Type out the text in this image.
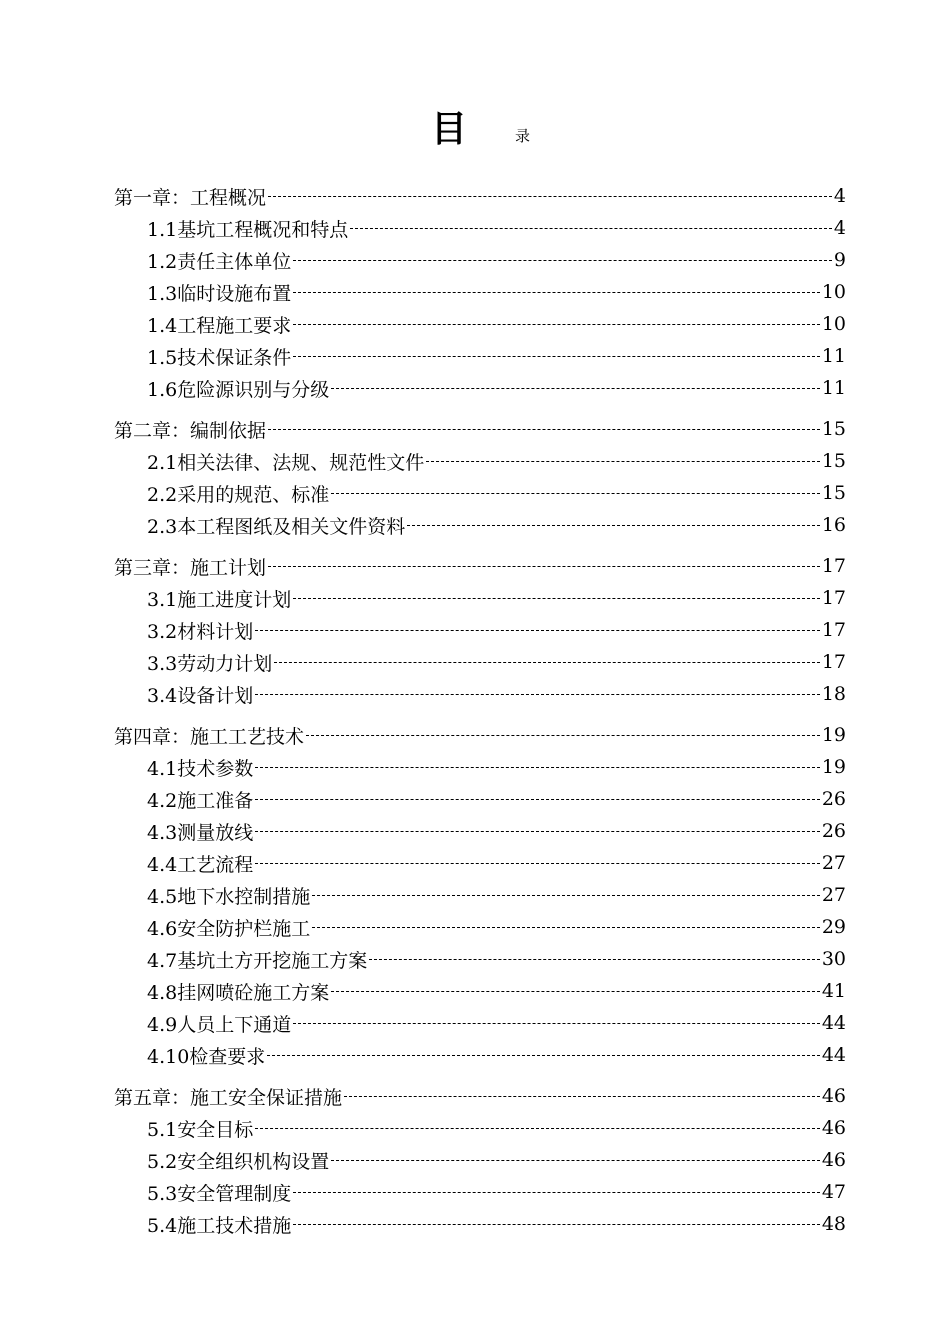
目	录
第一章：工程概况	4
1.1基坑工程概况和特点	4
1.2责任主体单位	9
1.3临时设施布置	10
1.4工程施工要求	10
1.5技术保证条件	11
1.6危险源识别与分级	11
第二章：编制依据	15
2.1相关法律、法规、规范性文件	15
2.2采用的规范、标准	15
2.3本工程图纸及相关文件资料	16
第三章：施工计划	17
3.1施工进度计划	17
3.2材料计划	17
3.3劳动力计划	17
3.4设备计划	18
第四章：施工工艺技术	19
4.1技术参数	19
4.2施工准备	26
4.3测量放线	26
4.4工艺流程	27
4.5地下水控制措施	27
4.6安全防护栏施工	29
4.7基坑土方开挖施工方案	30
4.8挂网喷砼施工方案	41
4.9人员上下通道	44
4.10检查要求	44
第五章：施工安全保证措施	46
5.1安全目标	46
5.2安全组织机构设置	46
5.3安全管理制度	47
5.4施工技术措施	48
